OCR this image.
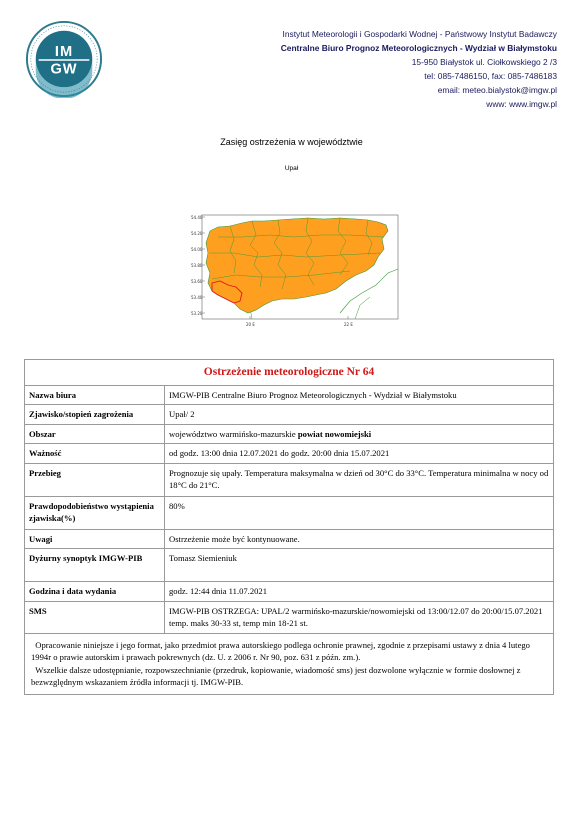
IM
GW
Instytut Meteorologii i Gospodarki Wodnej - Państwowy Instytut Badawczy
Centralne Biuro Prognoz Meteorologicznych - Wydział w Białymstoku
15-950 Białystok ul. Ciołkowskiego 2 /3
tel: 085-7486150, fax: 085-7486183
email: meteo.bialystok@imgw.pl
www: www.imgw.pl
Zasięg ostrzeżenia w województwie
Upał
54.40
54.20
54.00
53.80
53.60
53.40
53.20
20 E	22 E
Ostrzeżenie meteorologiczne Nr 64	
Nazwa biura	IMGW-PIB Centralne Biuro Prognoz Meteorologicznych - Wydział w Białymstoku
Zjawisko/stopień zagrożenia	Upał/ 2
Obszar	województwo warmińsko-mazurskie powiat nowomiejski
Ważność	od godz. 13:00 dnia 12.07.2021 do godz. 20:00 dnia 15.07.2021
Przebieg	Prognozuje się upały. Temperatura maksymalna w dzień od 30°C do 33°C. Temperatura minimalna w nocy od 18°C do 21°C.
Prawdopodobieństwo wystąpienia zjawiska(%)	80%
Uwagi	Ostrzeżenie może być kontynuowane.
Dyżurny synoptyk IMGW-PIB	Tomasz Siemieniuk
Godzina i data wydania	godz. 12:44 dnia 11.07.2021
SMS	IMGW-PIB OSTRZEGA: UPAL/2 warmińsko-mazurskie/nowomiejski od 13:00/12.07 do 20:00/15.07.2021 temp. maks 30-33 st, temp min 18-21 st.
Opracowanie niniejsze i jego format, jako przedmiot prawa autorskiego podlega ochronie prawnej, zgodnie z przepisami ustawy z dnia 4 lutego 1994r o prawie autorskim i prawach pokrewnych (dz. U. z 2006 r. Nr 90, poz. 631 z późn. zm.).
Wszelkie dalsze udostępnianie, rozpowszechnianie (przedruk, kopiowanie, wiadomość sms) jest dozwolone wyłącznie w formie dosłownej z bezwzględnym wskazaniem źródła informacji tj. IMGW-PIB.	
